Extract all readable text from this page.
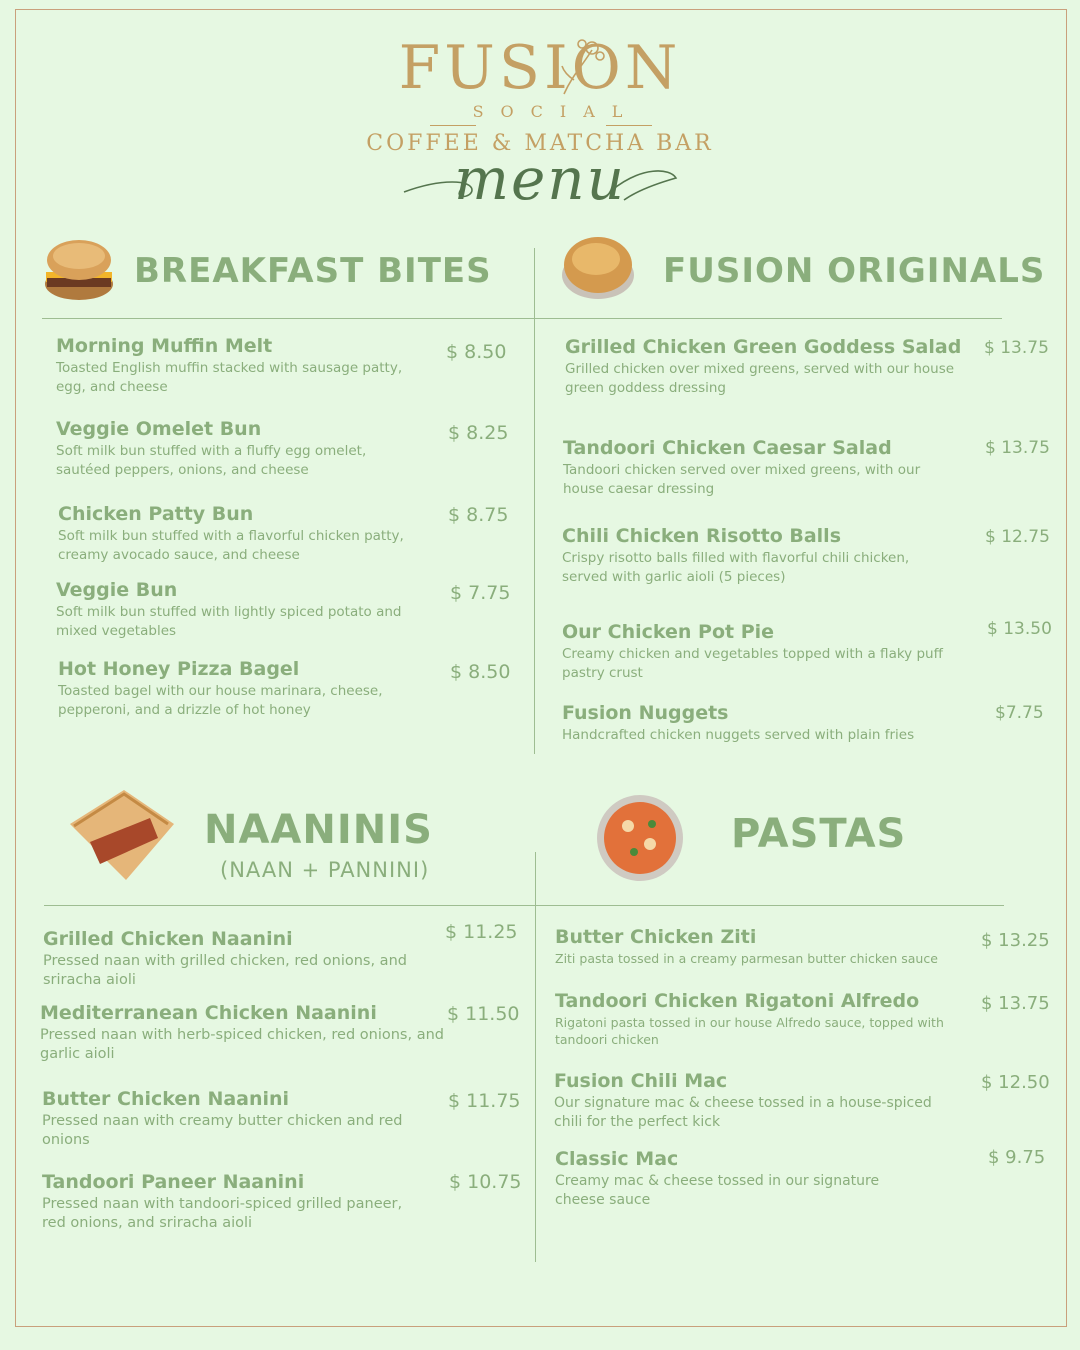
FUSION
SOCIAL
COFFEE & MATCHA BAR
menu
BREAKFAST BITES	FUSION ORIGINALS
NAANINIS
(NAAN + PANNINI)
PASTAS
Morning Muffin Melt
Toasted English muffin stacked with sausage patty, egg, and cheese
$ 8.50
Veggie Omelet Bun
Soft milk bun stuffed with a fluffy egg omelet, sautéed peppers, onions, and cheese
$ 8.25
Chicken Patty Bun
Soft milk bun stuffed with a flavorful chicken patty, creamy avocado sauce, and cheese
$ 8.75
Veggie Bun
Soft milk bun stuffed with lightly spiced potato and mixed vegetables
$ 7.75
Hot Honey Pizza Bagel
Toasted bagel with our house marinara, cheese, pepperoni, and a drizzle of hot honey
$ 8.50
Grilled Chicken Green Goddess Salad
Grilled chicken over mixed greens, served with our house green goddess dressing
$ 13.75
Tandoori Chicken Caesar Salad
Tandoori chicken served over mixed greens, with our house caesar dressing
$ 13.75
Chili Chicken Risotto Balls
Crispy risotto balls filled with flavorful chili chicken, served with garlic aioli (5 pieces)
$ 12.75
Our Chicken Pot Pie
Creamy chicken and vegetables topped with a flaky puff pastry crust
$ 13.50
Fusion Nuggets
Handcrafted chicken nuggets served with plain fries
$7.75
Grilled Chicken Naanini
Pressed naan with grilled chicken, red onions, and sriracha aioli
$ 11.25
Mediterranean Chicken Naanini
Pressed naan with herb-spiced chicken, red onions, and garlic aioli
$ 11.50
Butter Chicken Naanini
Pressed naan with creamy butter chicken and red onions
$ 11.75
Tandoori Paneer Naanini
Pressed naan with tandoori-spiced grilled paneer, red onions, and sriracha aioli
$ 10.75
Butter Chicken Ziti
Ziti pasta tossed in a creamy parmesan butter chicken sauce
$ 13.25
Tandoori Chicken Rigatoni Alfredo
Rigatoni pasta tossed in our house Alfredo sauce, topped with tandoori chicken
$ 13.75
Fusion Chili Mac
Our signature mac & cheese tossed in a house-spiced chili for the perfect kick
$ 12.50
Classic Mac
Creamy mac & cheese tossed in our signature cheese sauce
$ 9.75
